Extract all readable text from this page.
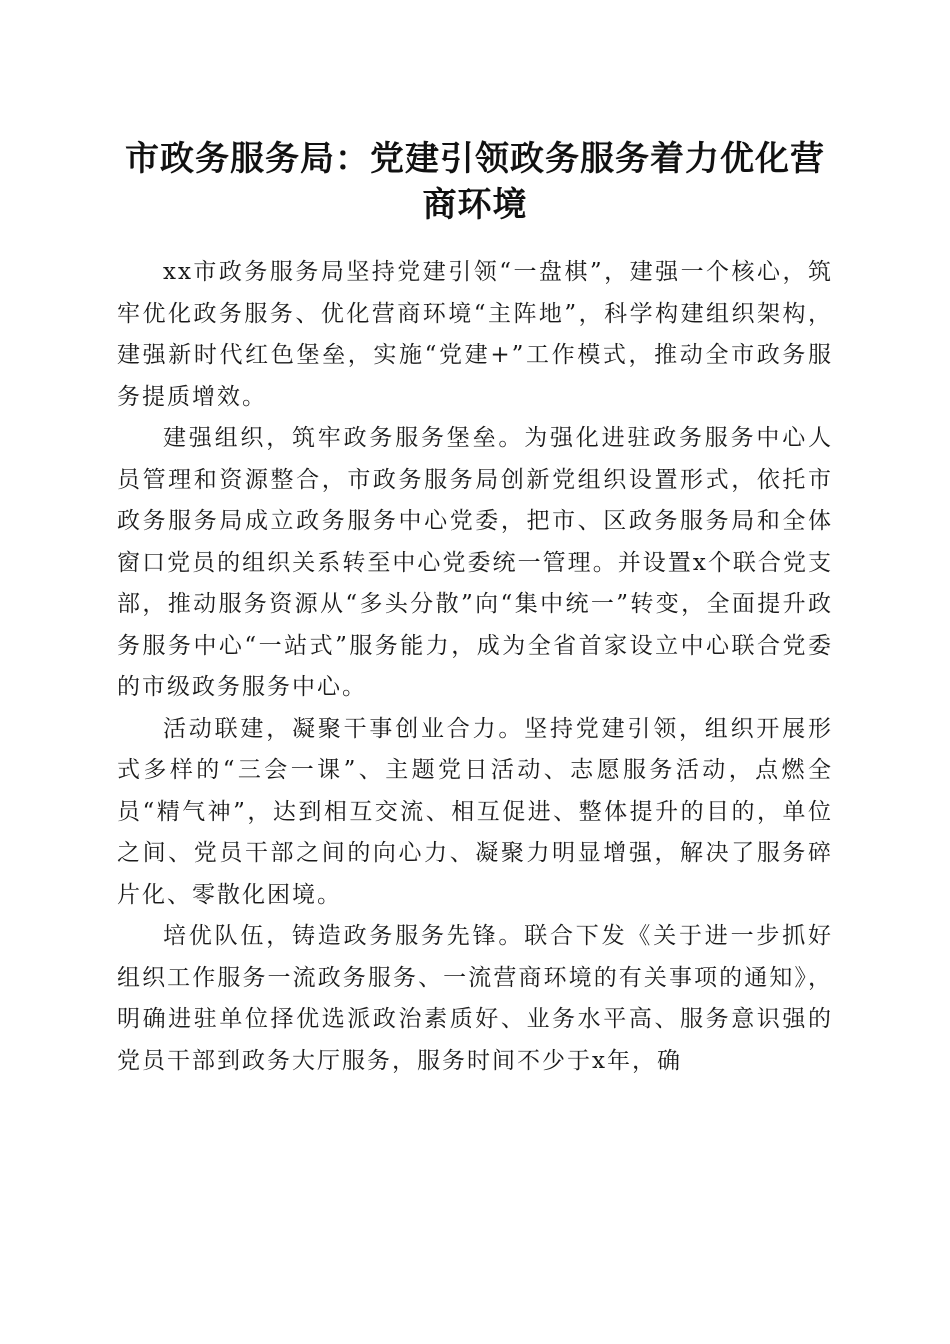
市政务服务局：党建引领政务服务着力优化营商环境

xx市政务服务局坚持党建引领“一盘棋”，建强一个核心，筑牢优化政务服务、优化营商环境“主阵地”，科学构建组织架构，建强新时代红色堡垒，实施“党建+”工作模式，推动全市政务服务提质增效。

建强组织，筑牢政务服务堡垒。为强化进驻政务服务中心人员管理和资源整合，市政务服务局创新党组织设置形式，依托市政务服务局成立政务服务中心党委，把市、区政务服务局和全体窗口党员的组织关系转至中心党委统一管理。并设置x个联合党支部，推动服务资源从“多头分散”向“集中统一”转变，全面提升政务服务中心“一站式”服务能力，成为全省首家设立中心联合党委的市级政务服务中心。

活动联建，凝聚干事创业合力。坚持党建引领，组织开展形式多样的“三会一课”、主题党日活动、志愿服务活动，点燃全员“精气神”，达到相互交流、相互促进、整体提升的目的，单位之间、党员干部之间的向心力、凝聚力明显增强，解决了服务碎片化、零散化困境。

培优队伍，铸造政务服务先锋。联合下发《关于进一步抓好组织工作服务一流政务服务、一流营商环境的有关事项的通知》，明确进驻单位择优选派政治素质好、业务水平高、服务意识强的党员干部到政务大厅服务，服务时间不少于x年，确
